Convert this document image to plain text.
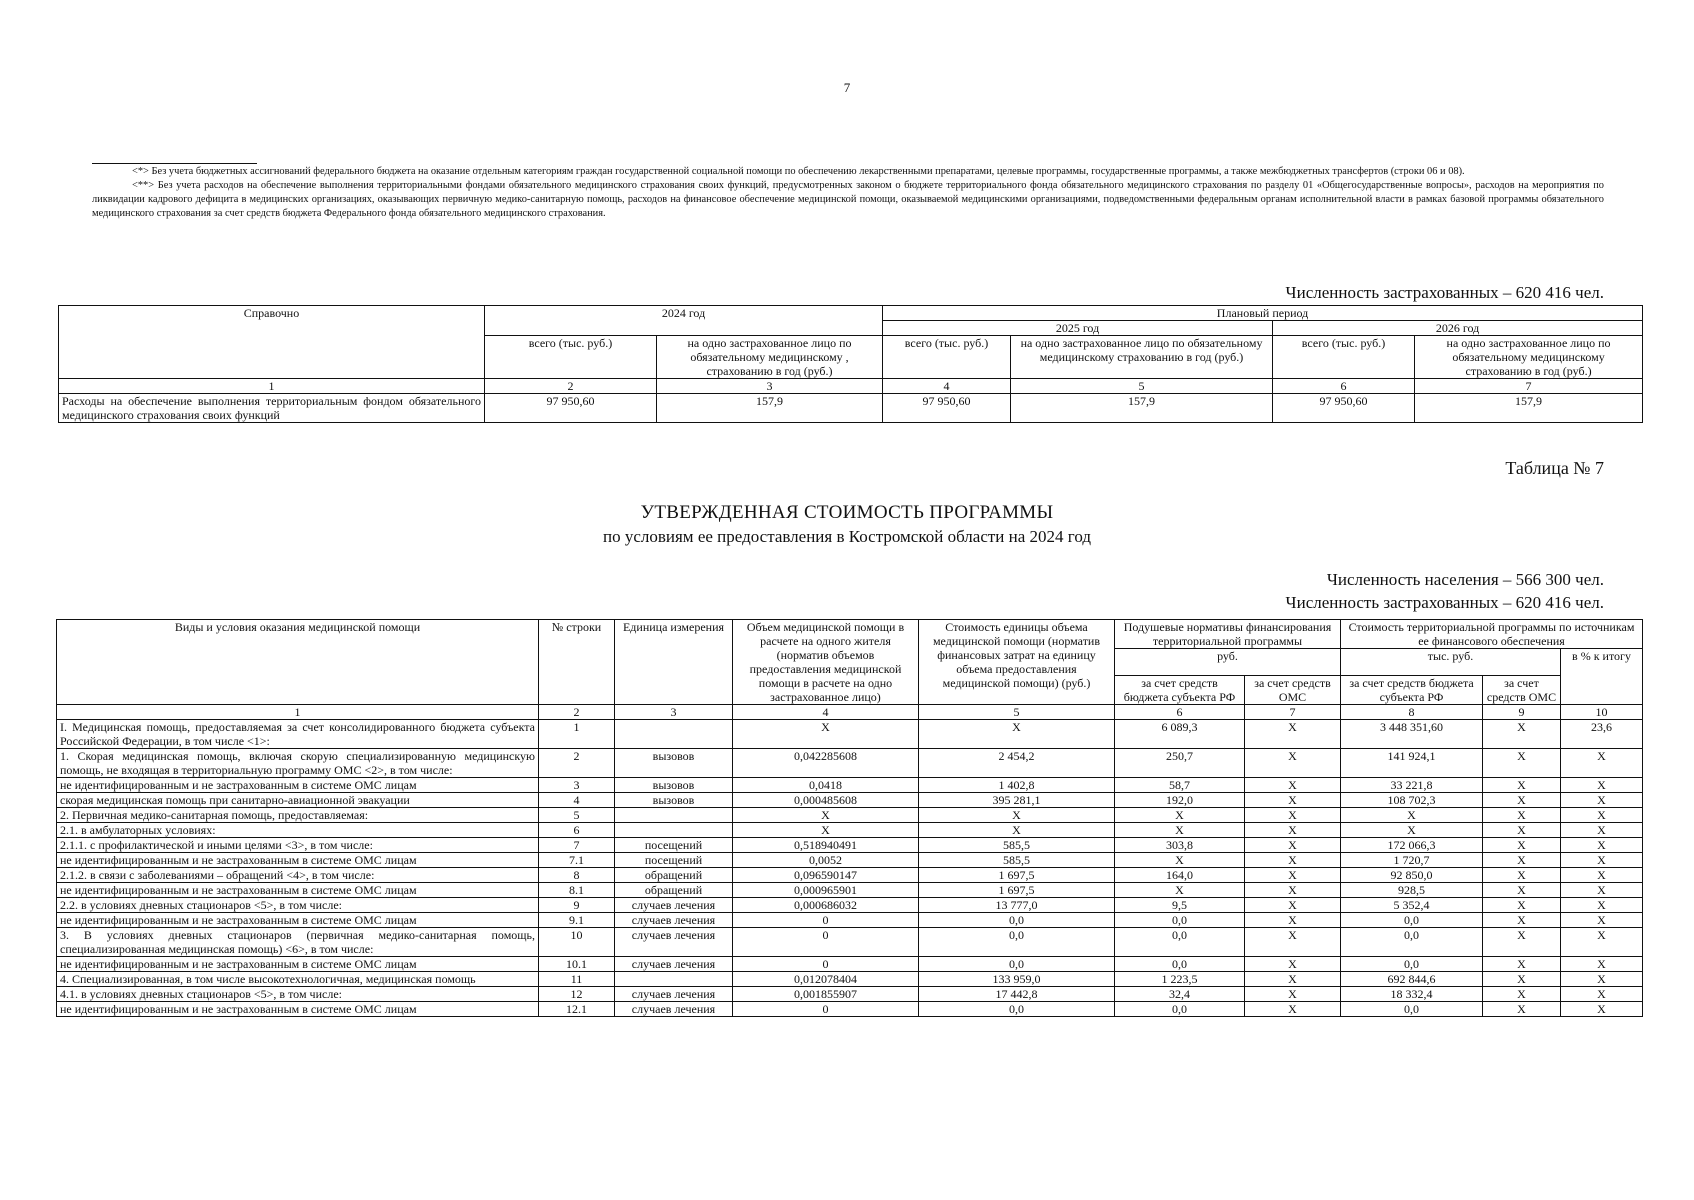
7

<*> Без учета бюджетных ассигнований федерального бюджета на оказание отдельным категориям граждан государственной социальной помощи по обеспечению лекарственными препаратами, целевые программы, государственные программы, а также межбюджетных трансфертов (строки 06 и 08).

<**> Без учета расходов на обеспечение выполнения территориальными фондами обязательного медицинского страхования своих функций, предусмотренных законом о бюджете территориального фонда обязательного медицинского страхования по разделу 01 «Общегосударственные вопросы», расходов на мероприятия по ликвидации кадрового дефицита в медицинских организациях, оказывающих первичную медико-санитарную помощь, расходов на финансовое обеспечение медицинской помощи, оказываемой медицинскими организациями, подведомственными федеральным органам исполнительной власти в рамках базовой программы обязательного медицинского страхования за счет средств бюджета Федерального фонда обязательного медицинского страхования.

Численность застрахованных – 620 416 чел.
Справочно	2024 год		Плановый период			
			2025 год		2026 год	
	всего (тыс. руб.)	на одно застрахованное лицо по обязательному медицинскому , страхованию в год (руб.)	всего (тыс. руб.)	на одно застрахованное лицо по обязательному медицинскому страхованию в год (руб.)	всего (тыс. руб.)	на одно застрахованное лицо по обязательному медицинскому страхованию в год (руб.)
1	2	3	4	5	6	7
Расходы на обеспечение выполнения территориальным фондом обязательного медицинского страхования своих функций	97 950,60	157,9	97 950,60	157,9	97 950,60	157,9
Таблица № 7
УТВЕРЖДЕННАЯ СТОИМОСТЬ ПРОГРАММЫ
по условиям ее предоставления в Костромской области на 2024 год
Численность населения – 566 300 чел.
Численность застрахованных – 620 416 чел.
Виды и условия оказания медицинской помощи	№ строки	Единица измерения	Объем медицинской помощи в расчете на одного жителя (норматив объемов предоставления медицинской помощи в расчете на одно застрахованное лицо)	Стоимость единицы объема медицинской помощи (норматив финансовых затрат на единицу объема предоставления медицинской помощи) (руб.)	Подушевые нормативы финансирования территориальной программы		Стоимость территориальной программы по источникам ее финансового обеспечения		
					руб.		тыс. руб.		в % к итогу
					за счет средств бюджета субъекта РФ	за счет средств ОМС	за счет средств бюджета субъекта РФ	за счет средств ОМС	
1	2	3	4	5	6	7	8	9	10
I. Медицинская помощь, предоставляемая за счет консолидированного бюджета субъекта Российской Федерации, в том числе <1>:	1		Х	Х	6 089,3	Х	3 448 351,60	Х	23,6
1. Скорая медицинская помощь, включая скорую специализированную медицинскую помощь, не входящая в территориальную программу ОМС <2>, в том числе:	2	вызовов	0,042285608	2 454,2	250,7	Х	141 924,1	Х	Х
не идентифицированным и не застрахованным в системе ОМС лицам	3	вызовов	0,0418	1 402,8	58,7	Х	33 221,8	Х	Х
скорая медицинская помощь при санитарно-авиационной эвакуации	4	вызовов	0,000485608	395 281,1	192,0	Х	108 702,3	Х	Х
2. Первичная медико-санитарная помощь, предоставляемая:	5		Х	Х	Х	Х	Х	Х	Х
2.1. в амбулаторных условиях:	6		Х	Х	Х	Х	Х	Х	Х
2.1.1. с профилактической и иными целями <3>, в том числе:	7	посещений	0,518940491	585,5	303,8	Х	172 066,3	Х	Х
не идентифицированным и не застрахованным в системе ОМС лицам	7.1	посещений	0,0052	585,5	Х	Х	1 720,7	Х	Х
2.1.2. в связи с заболеваниями – обращений <4>, в том числе:	8	обращений	0,096590147	1 697,5	164,0	Х	92 850,0	Х	Х
не идентифицированным и не застрахованным в системе ОМС лицам	8.1	обращений	0,000965901	1 697,5	Х	Х	928,5	Х	Х
2.2. в условиях дневных стационаров <5>, в том числе:	9	случаев лечения	0,000686032	13 777,0	9,5	Х	5 352,4	Х	Х
не идентифицированным и не застрахованным в системе ОМС лицам	9.1	случаев лечения	0	0,0	0,0	Х	0,0	Х	Х
3. В условиях дневных стационаров (первичная медико-санитарная помощь, специализированная медицинская помощь) <6>, в том числе:	10	случаев лечения	0	0,0	0,0	Х	0,0	Х	Х
не идентифицированным и не застрахованным в системе ОМС лицам	10.1	случаев лечения	0	0,0	0,0	Х	0,0	Х	Х
4. Специализированная, в том числе высокотехнологичная, медицинская помощь	11		0,012078404	133 959,0	1 223,5	Х	692 844,6	Х	Х
4.1. в условиях дневных стационаров <5>, в том числе:	12	случаев лечения	0,001855907	17 442,8	32,4	Х	18 332,4	Х	Х
не идентифицированным и не застрахованным в системе ОМС лицам	12.1	случаев лечения	0	0,0	0,0	Х	0,0	Х	Х
